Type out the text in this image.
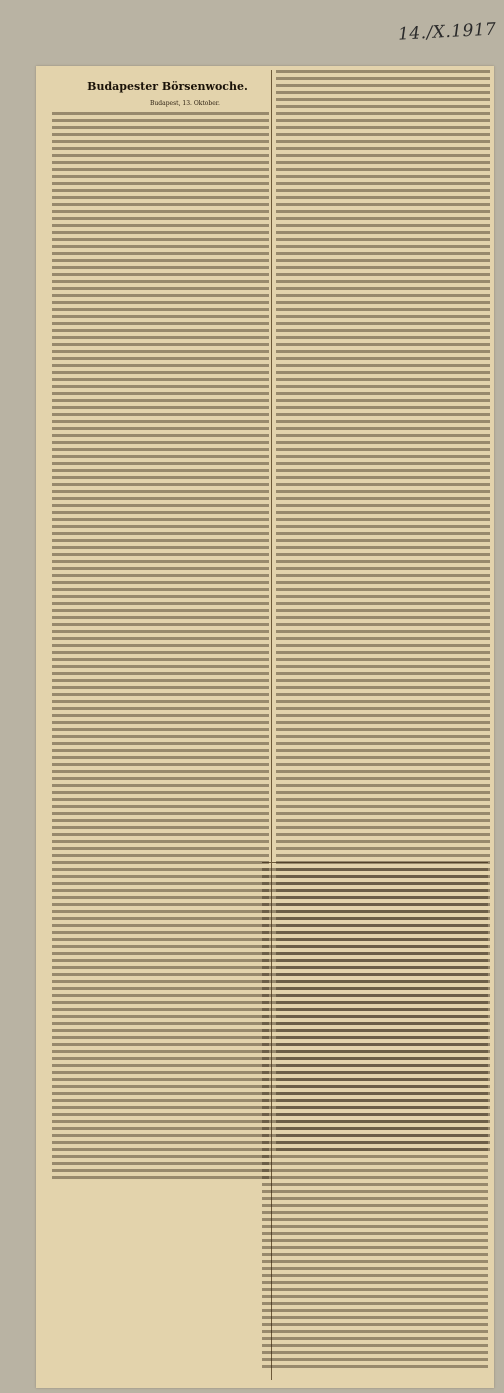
14./X.1917
Budapester Börsenwoche.
Budapest, 13. Oktober.
